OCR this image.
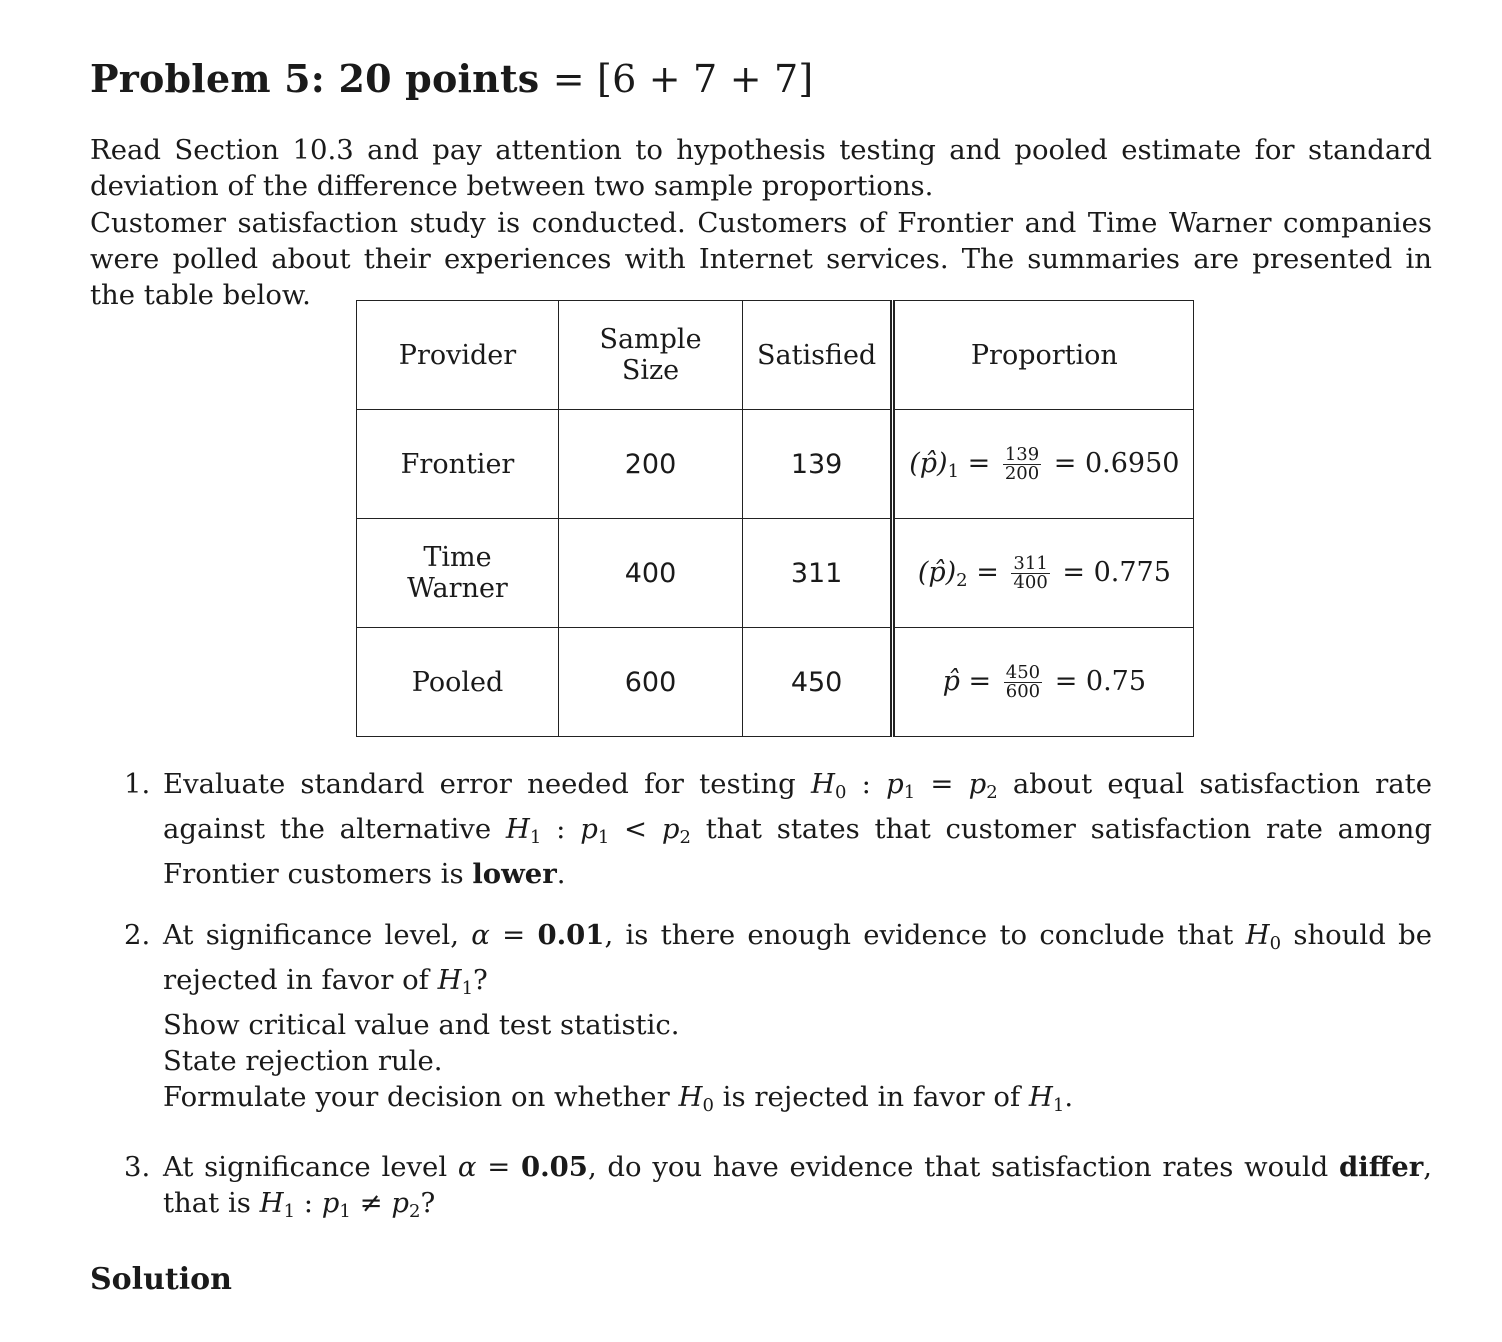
Problem 5: 20 points = [6 + 7 + 7]
Read Section 10.3 and pay attention to hypothesis testing and pooled estimate for standard deviation of the difference between two sample proportions.
Customer satisfaction study is conducted. Customers of Frontier and Time Warner companies were polled about their experiences with Internet services. The summaries are presented in the table below.
Provider	Sample Size	Satisfied	Proportion
Frontier	200	139	$(p̂)_1 = \frac{139}{200} = 0.6950$
Time Warner	400	311	$(p̂)_2 = \frac{311}{400} = 0.775$
Pooled	600	450	p̂ = $\frac{450}{600} = 0.75$
1. Evaluate standard error needed for testing $H_0$ : $p_1 = p_2$ about equal satisfaction rate against the alternative $H_1$ : $p_1 < p_2$ that states that customer satisfaction rate among Frontier customers is lower.
2. At significance level, α = 0.01, is there enough evidence to conclude that $H_0$ should be rejected in favor of $H_1$?
Show critical value and test statistic.
State rejection rule.
Formulate your decision on whether $H_0$ is rejected in favor of $H_1$.
3. At significance level α = 0.05, do you have evidence that satisfaction rates would differ, that is $H_1$ : $p_1 \ne p_2$?
Solution
